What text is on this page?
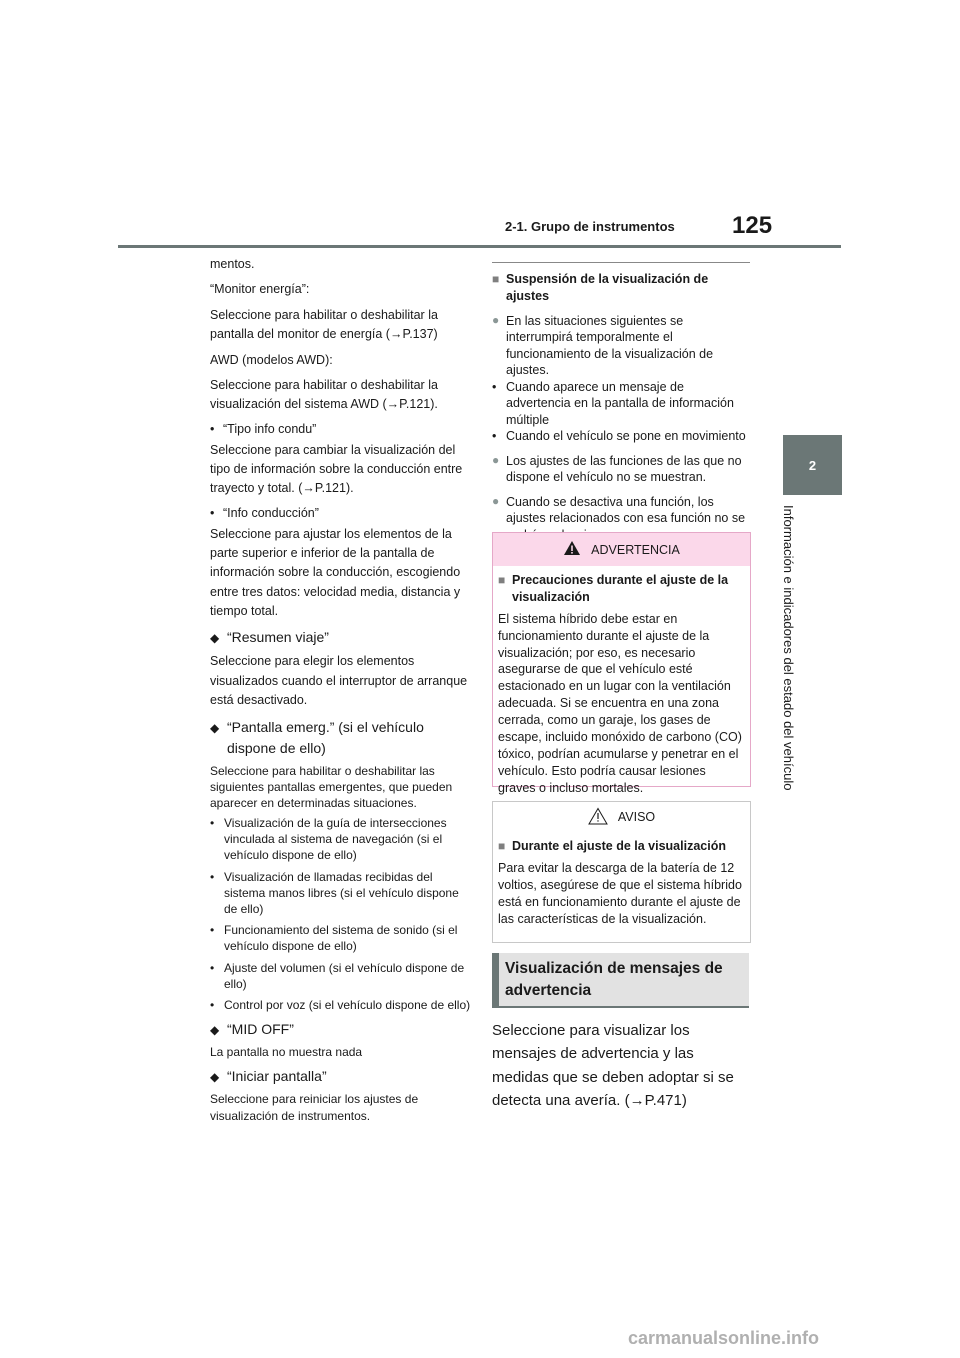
2-1. Grupo de instrumentos 125
2
Información e indicadores del estado del vehículo

mentos.

“Monitor energía”:

Seleccione para habilitar o deshabilitar la pantalla del monitor de energía (→P.137)

AWD (modelos AWD):

Seleccione para habilitar o deshabilitar la visualización del sistema AWD (→P.121).

• “Tipo info condu”

Seleccione para cambiar la visualización del tipo de información sobre la conducción entre trayecto y total. (→P.121).

• “Info conducción”

Seleccione para ajustar los elementos de la parte superior e inferior de la pantalla de información sobre la conducción, escogiendo entre tres datos: velocidad media, distancia y tiempo total.

◆ “Resumen viaje”

Seleccione para elegir los elementos visualizados cuando el interruptor de arranque está desactivado.

◆ “Pantalla emerg.” (si el vehículo dispone de ello)

Seleccione para habilitar o deshabilitar las siguientes pantallas emergentes, que pueden aparecer en determinadas situaciones.

• Visualización de la guía de intersecciones vinculada al sistema de navegación (si el vehículo dispone de ello)
• Visualización de llamadas recibidas del sistema manos libres (si el vehículo dispone de ello)
• Funcionamiento del sistema de sonido (si el vehículo dispone de ello)
• Ajuste del volumen (si el vehículo dispone de ello)
• Control por voz (si el vehículo dispone de ello)
◆ “MID OFF”

La pantalla no muestra nada

◆ “Iniciar pantalla”

Seleccione para reiniciar los ajustes de visualización de instrumentos.

■ Suspensión de la visualización de ajustes
● En las situaciones siguientes se interrumpirá temporalmente el funcionamiento de la visualización de ajustes.
• Cuando aparece un mensaje de advertencia en la pantalla de información múltiple
• Cuando el vehículo se pone en movimiento
● Los ajustes de las funciones de las que no dispone el vehículo no se muestran.
● Cuando se desactiva una función, los ajustes relacionados con esa función no se
ADVERTENCIA
■ Precauciones durante el ajuste de la visualización

El sistema híbrido debe estar en funcionamiento durante el ajuste de la visualización; por eso, es necesario asegurarse de que el vehículo esté estacionado en un lugar con la ventilación adecuada. Si se encuentra en una zona cerrada, como un garaje, los gases de escape, incluido monóxido de carbono (CO) tóxico, podrían acumularse y penetrar en el vehículo. Esto podría causar lesiones graves o incluso mortales.

AVISO
■ Durante el ajuste de la visualización

Para evitar la descarga de la batería de 12 voltios, asegúrese de que el sistema híbrido está en funcionamiento durante el ajuste de las características de la visualización.

Visualización de mensajes de advertencia

Seleccione para visualizar los mensajes de advertencia y las medidas que se deben adoptar si se detecta una avería. (→P.471)

carmanualsonline.info
